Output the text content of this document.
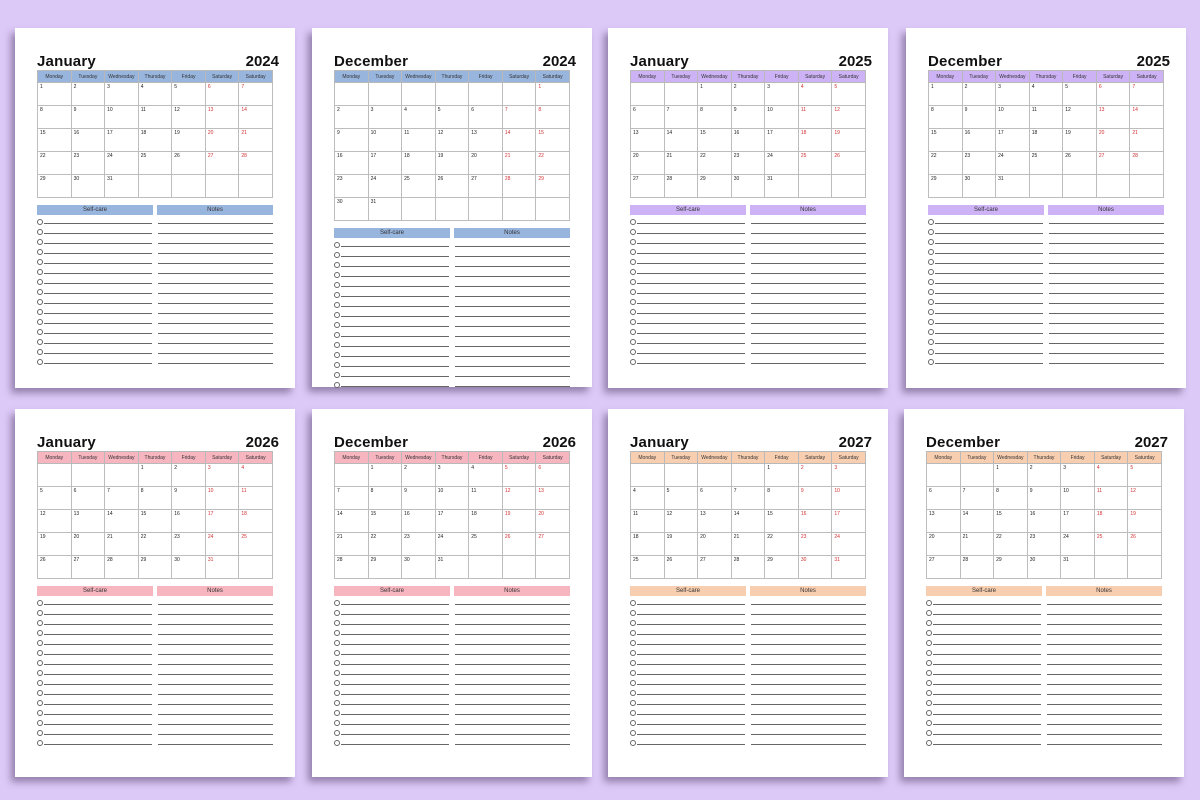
January	2024
Monday	Tuesday	Wednesday	Thursday	Friday	Saturday	Saturday
1	2	3	4	5	6	7
8	9	10	11	12	13	14
15	16	17	18	19	20	21
22	23	24	25	26	27	28
29	30	31				
Self-care	Notes
December	2024
Monday	Tuesday	Wednesday	Thursday	Friday	Saturday	Saturday
						1
2	3	4	5	6	7	8
9	10	11	12	13	14	15
16	17	18	19	20	21	22
23	24	25	26	27	28	29
30	31					
Self-care	Notes
January	2025
Monday	Tuesday	Wednesday	Thursday	Friday	Saturday	Saturday
		1	2	3	4	5
6	7	8	9	10	11	12
13	14	15	16	17	18	19
20	21	22	23	24	25	26
27	28	29	30	31		
Self-care	Notes
December	2025
Monday	Tuesday	Wednesday	Thursday	Friday	Saturday	Saturday
1	2	3	4	5	6	7
8	9	10	11	12	13	14
15	16	17	18	19	20	21
22	23	24	25	26	27	28
29	30	31				
Self-care	Notes
January	2026
Monday	Tuesday	Wednesday	Thursday	Friday	Saturday	Saturday
			1	2	3	4
5	6	7	8	9	10	11
12	13	14	15	16	17	18
19	20	21	22	23	24	25
26	27	28	29	30	31	
Self-care	Notes
December	2026
Monday	Tuesday	Wednesday	Thursday	Friday	Saturday	Saturday
	1	2	3	4	5	6
7	8	9	10	11	12	13
14	15	16	17	18	19	20
21	22	23	24	25	26	27
28	29	30	31			
Self-care	Notes
January	2027
Monday	Tuesday	Wednesday	Thursday	Friday	Saturday	Saturday
				1	2	3
4	5	6	7	8	9	10
11	12	13	14	15	16	17
18	19	20	21	22	23	24
25	26	27	28	29	30	31
Self-care	Notes
December	2027
Monday	Tuesday	Wednesday	Thursday	Friday	Saturday	Saturday
		1	2	3	4	5
6	7	8	9	10	11	12
13	14	15	16	17	18	19
20	21	22	23	24	25	26
27	28	29	30	31		
Self-care	Notes
